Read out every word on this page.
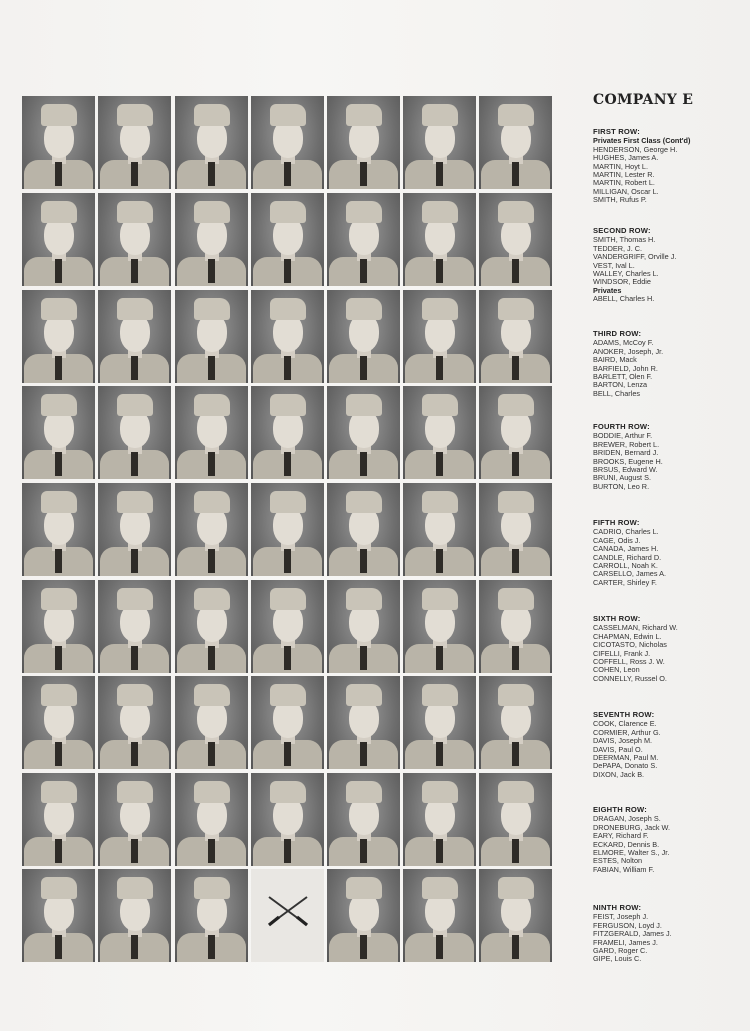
COMPANY E
FIRST ROW:
Privates First Class (Cont'd)
HENDERSON, George H.
HUGHES, James A.
MARTIN, Hoyt L.
MARTIN, Lester R.
MARTIN, Robert L.
MILLIGAN, Oscar L.
SMITH, Rufus P.
SECOND ROW:
SMITH, Thomas H.
TEDDER, J. C.
VANDERGRIFF, Orville J.
VEST, Ival L.
WALLEY, Charles L.
WINDSOR, Eddie
Privates
ABELL, Charles H.
THIRD ROW:
ADAMS, McCoy F.
ANOKER, Joseph, Jr.
BAIRD, Mack
BARFIELD, John R.
BARLETT, Olen F.
BARTON, Lenza
BELL, Charles
FOURTH ROW:
BODDIE, Arthur F.
BREWER, Robert L.
BRIDEN, Bernard J.
BROOKS, Eugene H.
BRSUS, Edward W.
BRUNI, August S.
BURTON, Leo R.
FIFTH ROW:
CADRIO, Charles L.
CAGE, Odis J.
CANADA, James H.
CANDLE, Richard D.
CARROLL, Noah K.
CARSELLO, James A.
CARTER, Shirley F.
SIXTH ROW:
CASSELMAN, Richard W.
CHAPMAN, Edwin L.
CICOTASTO, Nicholas
CIFELLI, Frank J.
COFFELL, Ross J. W.
COHEN, Leon
CONNELLY, Russel O.
SEVENTH ROW:
COOK, Clarence E.
CORMIER, Arthur G.
DAVIS, Joseph M.
DAVIS, Paul O.
DEERMAN, Paul M.
DePAPA, Donato S.
DIXON, Jack B.
EIGHTH ROW:
DRAGAN, Joseph S.
DRONEBURG, Jack W.
EARY, Richard F.
ECKARD, Dennis B.
ELMORE, Walter S., Jr.
ESTES, Nolton
FABIAN, William F.
NINTH ROW:
FEIST, Joseph J.
FERGUSON, Loyd J.
FITZGERALD, James J.
FRAMELI, James J.
GARD, Roger C.
GIPE, Louis C.
